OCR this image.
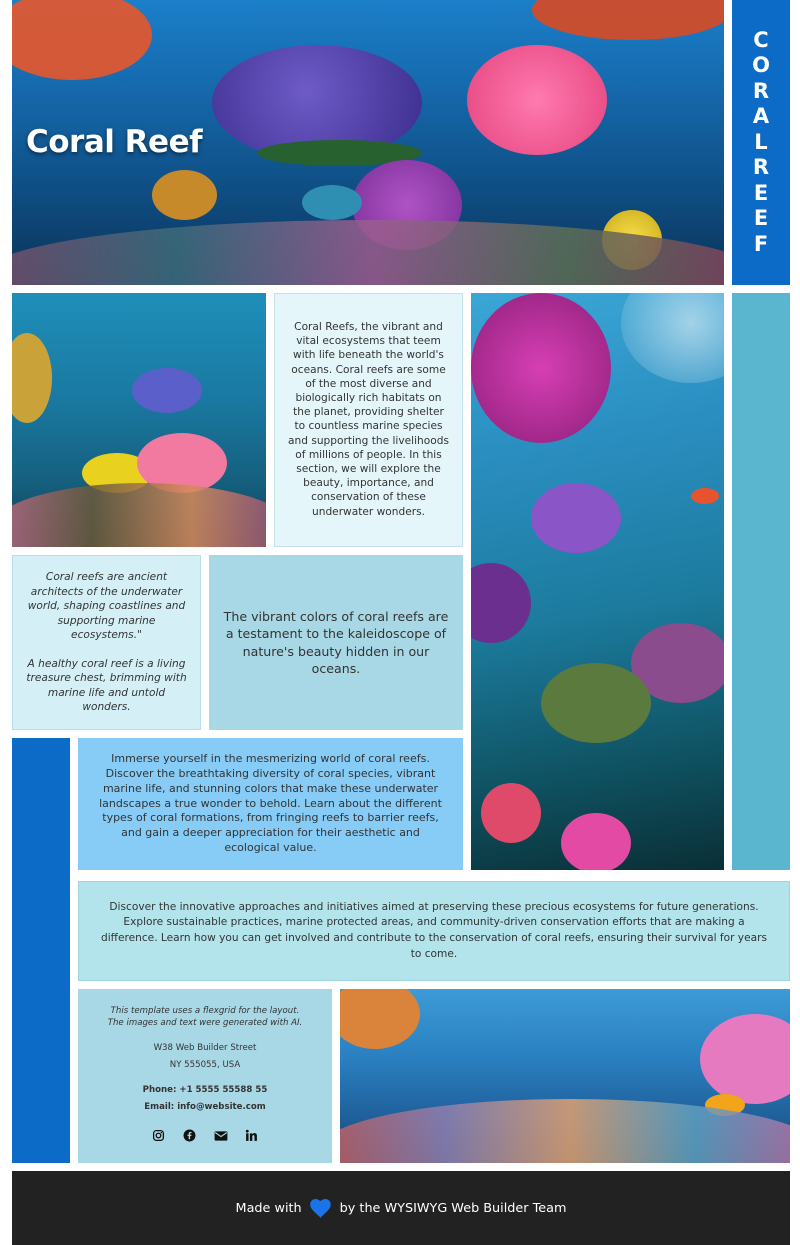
Coral Reef
C
O
R
A
L
R
E
E
F

Coral Reefs, the vibrant and vital ecosystems that teem with life beneath the world's oceans. Coral reefs are some of the most diverse and biologically rich habitats on the planet, providing shelter to countless marine species and supporting the livelihoods of millions of people. In this section, we will explore the beauty, importance, and conservation of these underwater wonders.

Coral reefs are ancient architects of the underwater world, shaping coastlines and supporting marine ecosystems."

A healthy coral reef is a living treasure chest, brimming with marine life and untold wonders.

The vibrant colors of coral reefs are a testament to the kaleidoscope of nature's beauty hidden in our oceans.

Immerse yourself in the mesmerizing world of coral reefs. Discover the breathtaking diversity of coral species, vibrant marine life, and stunning colors that make these underwater landscapes a true wonder to behold. Learn about the different types of coral formations, from fringing reefs to barrier reefs, and gain a deeper appreciation for their aesthetic and ecological value.

Discover the innovative approaches and initiatives aimed at preserving these precious ecosystems for future generations. Explore sustainable practices, marine protected areas, and community-driven conservation efforts that are making a difference. Learn how you can get involved and contribute to the conservation of coral reefs, ensuring their survival for years to come.

This template uses a flexgrid for the layout.
The images and text were generated with AI.
W38 Web Builder Street
NY 555055, USA
Phone: +1 5555 55588 55
Email: info@website.com
Made with	by the WYSIWYG Web Builder Team
